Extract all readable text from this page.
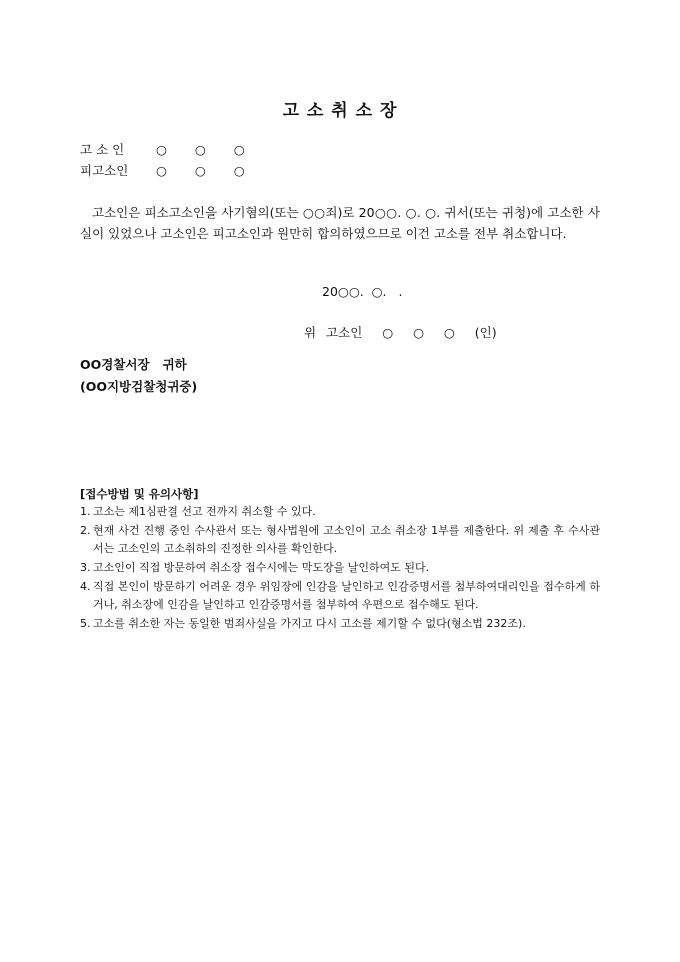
고 소 취 소 장
고 소 인	○ ○ ○
피고소인 ○ ○ ○

고소인은 피소고소인을 사기혐의(또는 ○○죄)로 20○○. ○. ○. 귀서(또는 귀청)에 고소한 사실이 있었으나 고소인은 피고소인과 원만히 합의하였으므로 이건 고소를 전부 취소합니다.

20○○.  ○.   .
위 고소인  ○  ○  ○  (인)
OO경찰서장   귀하
(OO지방검찰청귀중)
[접수방법 및 유의사항]
1. 고소는 제1심판결 선고 전까지 취소할 수 있다.
2. 현재 사건 진행 중인 수사관서 또는 형사법원에 고소인이 고소 취소장 1부를 제출한다. 위 제출 후 수사관서는 고소인의 고소취하의 진정한 의사를 확인한다.
3. 고소인이 직접 방문하여 취소장 접수시에는 막도장을 날인하여도 된다.
4. 직접 본인이 방문하기 어려운 경우 위임장에 인감을 날인하고 인감증명서를 첨부하여대리인을 접수하게 하거나, 취소장에 인감을 날인하고 인감증명서를 첨부하여 우편으로 접수해도 된다.
5. 고소를 취소한 자는 동일한 범죄사실을 가지고 다시 고소를 제기할 수 없다(형소법 232조).
